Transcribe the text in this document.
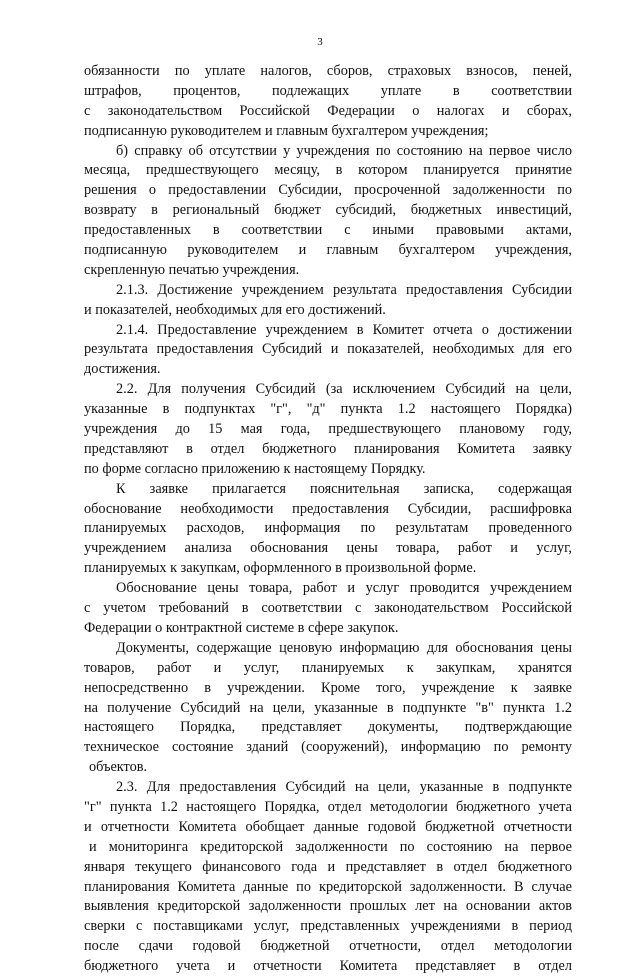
3
обязанности по уплате налогов, сборов, страховых взносов, пеней,
штрафов, процентов, подлежащих уплате в соответствии
с законодательством Российской Федерации о налогах и сборах,
подписанную руководителем и главным бухгалтером учреждения;
б) справку об отсутствии у учреждения по состоянию на первое число
месяца, предшествующего месяцу, в котором планируется принятие
решения о предоставлении Субсидии, просроченной задолженности по
возврату в региональный бюджет субсидий, бюджетных инвестиций,
предоставленных в соответствии с иными правовыми актами,
подписанную руководителем и главным бухгалтером учреждения,
скрепленную печатью учреждения.
2.1.3. Достижение учреждением результата предоставления Субсидии
и показателей, необходимых для его достижений.
2.1.4. Предоставление учреждением в Комитет отчета о достижении
результата предоставления Субсидий и показателей, необходимых для его
достижения.
2.2. Для получения Субсидий (за исключением Субсидий на цели,
указанные в подпунктах "г", "д" пункта 1.2 настоящего Порядка)
учреждения до 15 мая года, предшествующего плановому году,
представляют в отдел бюджетного планирования Комитета заявку
по форме согласно приложению к настоящему Порядку.
К заявке прилагается пояснительная записка, содержащая
обоснование необходимости предоставления Субсидии, расшифровка
планируемых расходов, информация по результатам проведенного
учреждением анализа обоснования цены товара, работ и услуг,
планируемых к закупкам, оформленного в произвольной форме.
Обоснование цены товара, работ и услуг проводится учреждением
с учетом требований в соответствии с законодательством Российской
Федерации о контрактной системе в сфере закупок.
Документы, содержащие ценовую информацию для обоснования цены
товаров, работ и услуг, планируемых к закупкам, хранятся
непосредственно в учреждении. Кроме того, учреждение к заявке
на получение Субсидий на цели, указанные в подпункте "в" пункта 1.2
настоящего Порядка, представляет документы, подтверждающие
техническое состояние зданий (сооружений), информацию по ремонту
объектов.
2.3. Для предоставления Субсидий на цели, указанные в подпункте
"г" пункта 1.2 настоящего Порядка, отдел методологии бюджетного учета
и отчетности Комитета обобщает данные годовой бюджетной отчетности
и мониторинга кредиторской задолженности по состоянию на первое
января текущего финансового года и представляет в отдел бюджетного
планирования Комитета данные по кредиторской задолженности. В случае
выявления кредиторской задолженности прошлых лет на основании актов
сверки с поставщиками услуг, представленных учреждениями в период
после сдачи годовой бюджетной отчетности, отдел методологии
бюджетного учета и отчетности Комитета представляет в отдел
